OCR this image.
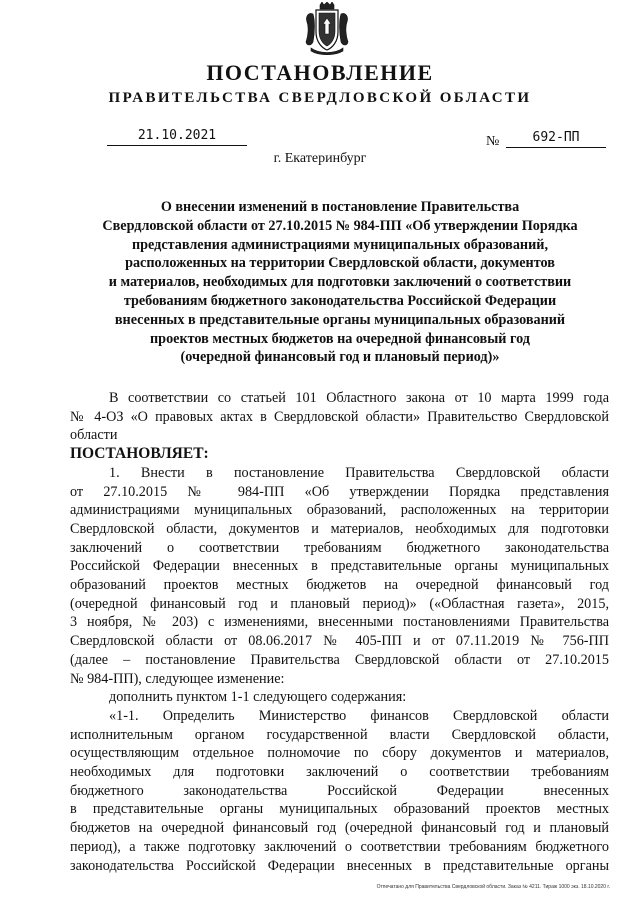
ПОСТАНОВЛЕНИЕ
ПРАВИТЕЛЬСТВА СВЕРДЛОВСКОЙ ОБЛАСТИ
21.10.2021	№	692-ПП
г. Екатеринбург
О внесении изменений в постановление Правительства
Свердловской области от 27.10.2015 № 984-ПП «Об утверждении Порядка
представления администрациями муниципальных образований,
расположенных на территории Свердловской области, документов
и материалов, необходимых для подготовки заключений о соответствии
требованиям бюджетного законодательства Российской Федерации
внесенных в представительные органы муниципальных образований
проектов местных бюджетов на очередной финансовый год
(очередной финансовый год и плановый период)»
В соответствии со статьей 101 Областного закона от 10 марта 1999 года
№ 4-ОЗ «О правовых актах в Свердловской области» Правительство Свердловской
области
ПОСТАНОВЛЯЕТ:
1. Внести в постановление Правительства Свердловской области
от 27.10.2015 № 984-ПП «Об утверждении Порядка представления
администрациями муниципальных образований, расположенных на территории
Свердловской области, документов и материалов, необходимых для подготовки
заключений о соответствии требованиям бюджетного законодательства
Российской Федерации внесенных в представительные органы муниципальных
образований проектов местных бюджетов на очередной финансовый год
(очередной финансовый год и плановый период)» («Областная газета», 2015,
3 ноября, № 203) с изменениями, внесенными постановлениями Правительства
Свердловской области от 08.06.2017 № 405-ПП и от 07.11.2019 № 756-ПП
(далее – постановление Правительства Свердловской области от 27.10.2015
№ 984-ПП), следующее изменение:
дополнить пунктом 1-1 следующего содержания:
«1-1. Определить Министерство финансов Свердловской области
исполнительным органом государственной власти Свердловской области,
осуществляющим отдельное полномочие по сбору документов и материалов,
необходимых для подготовки заключений о соответствии требованиям
бюджетного законодательства Российской Федерации внесенных
в представительные органы муниципальных образований проектов местных
бюджетов на очередной финансовый год (очередной финансовый год и плановый
период), а также подготовку заключений о соответствии требованиям бюджетного
законодательства Российской Федерации внесенных в представительные органы
Отпечатано для Правительства Свердловской области. Заказ № 4211. Тираж 1000 экз. 18.10.2020 г.
